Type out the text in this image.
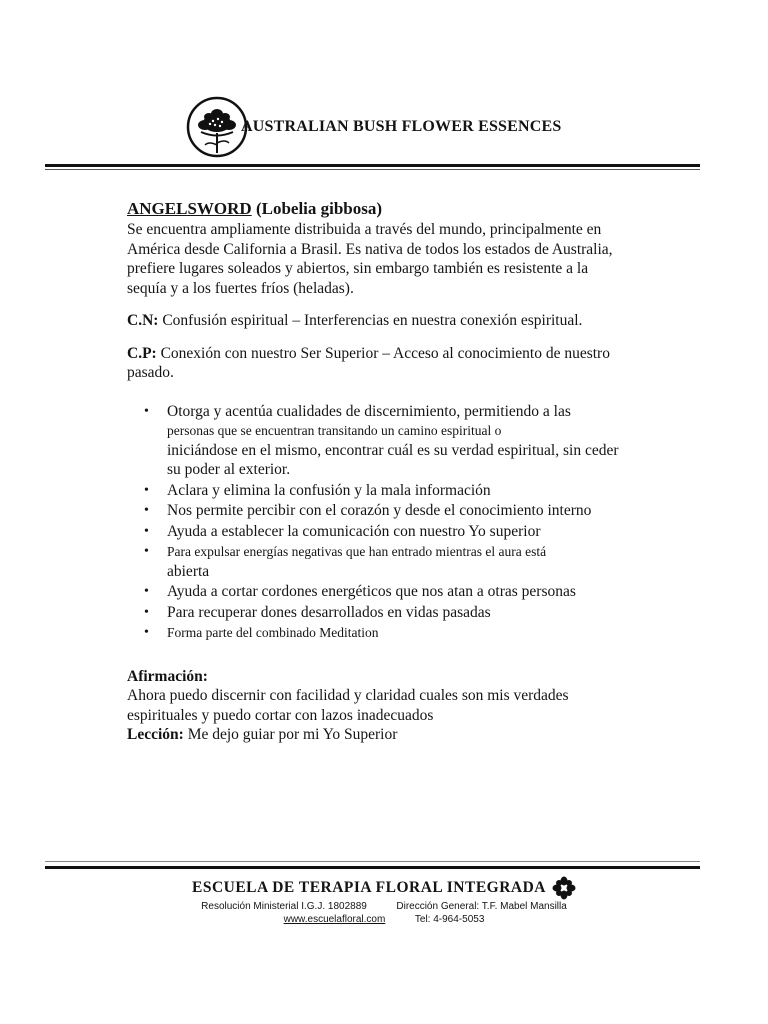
AUSTRALIAN BUSH FLOWER ESSENCES
ANGELSWORD (Lobelia gibbosa)

Se encuentra ampliamente distribuida a través del mundo, principalmente en América desde California a Brasil. Es nativa de todos los estados de Australia, prefiere lugares soleados y abiertos, sin embargo también es resistente a la sequía y a los fuertes fríos (heladas).

C.N: Confusión espiritual – Interferencias en nuestra conexión espiritual.

C.P: Conexión con nuestro Ser Superior – Acceso al conocimiento de nuestro pasado.

• Otorga y acentúa cualidades de discernimiento, permitiendo a las
personas que se encuentran transitando un camino espiritual o
iniciándose en el mismo, encontrar cuál es su verdad espiritual, sin ceder su poder al exterior.
• Aclara y elimina la confusión y la mala información
• Nos permite percibir con el corazón y desde el conocimiento interno
• Ayuda a establecer la comunicación con nuestro Yo superior
• Para expulsar energías negativas que han entrado mientras el aura está
abierta
• Ayuda a cortar cordones energéticos que nos atan a otras personas
• Para recuperar dones desarrollados en vidas pasadas
• Forma parte del combinado Meditation

Afirmación:

Ahora puedo discernir con facilidad y claridad cuales son mis verdades espirituales y puedo cortar con lazos inadecuados

Lección: Me dejo guiar por mi Yo Superior

ESCUELA DE TERAPIA FLORAL INTEGRADA
Resolución Ministerial I.G.J. 1802889	Dirección General: T.F. Mabel Mansilla
www.escuelafloral.com	Tel: 4-964-5053
